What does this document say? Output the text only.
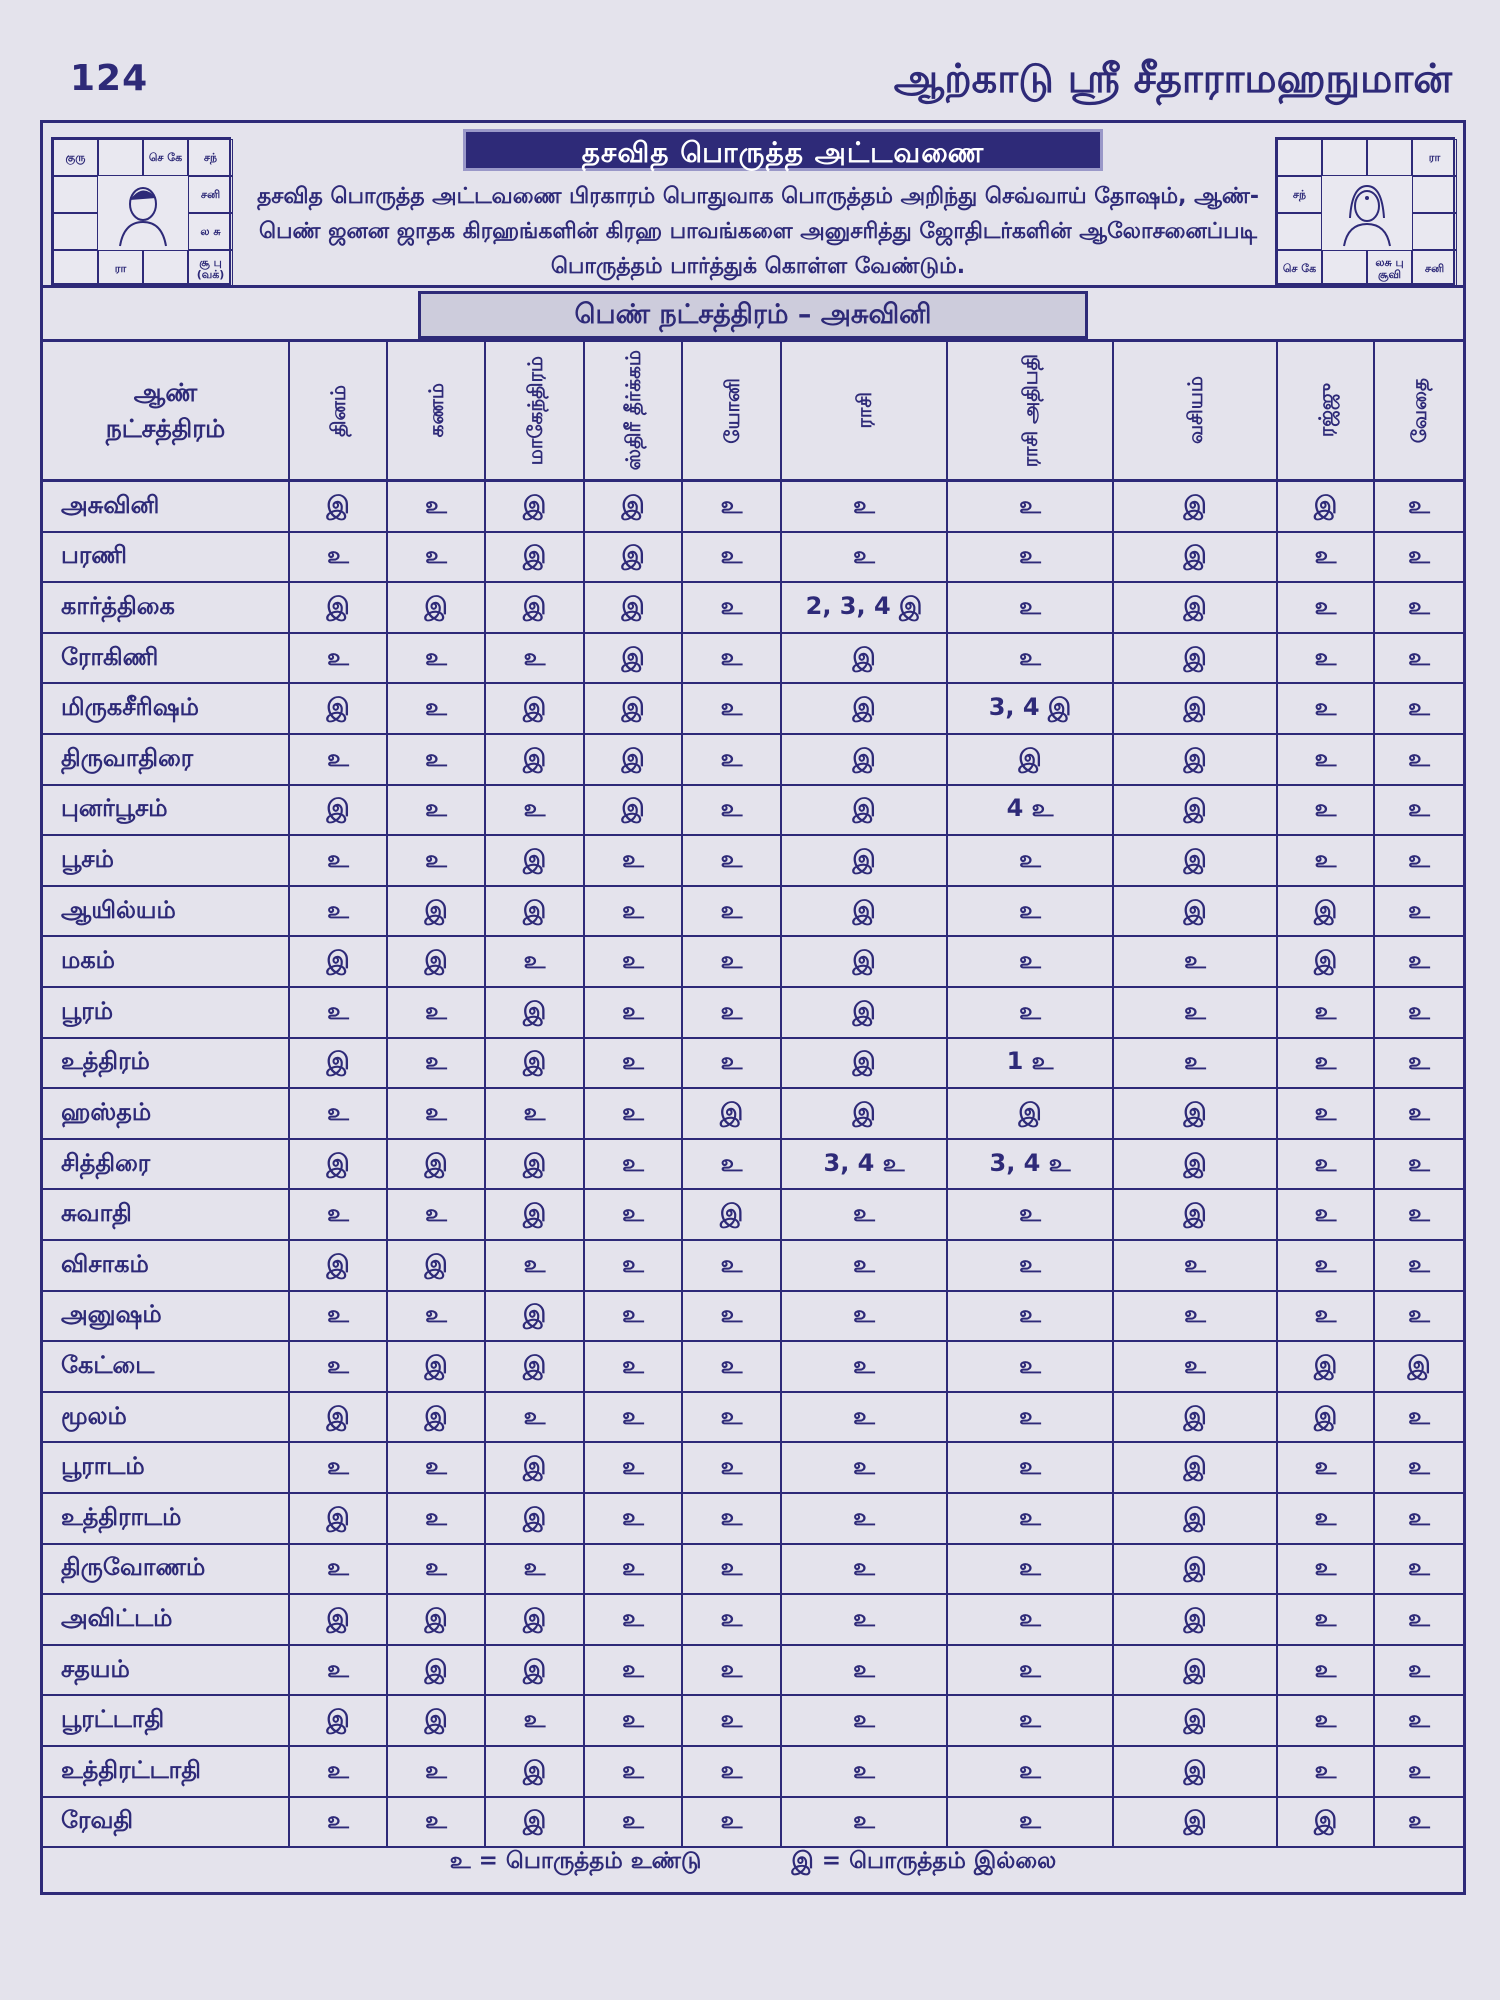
124	ஆற்காடு ஸ்ரீ சீதாராமஹநுமான்
குரு	செ கே	சந்
சனி
ல சு
ரா	சூ பு (வக்)
ரா
சந்
செ கே	லசு பு சூவி	சனி
தசவித பொருத்த அட்டவணை
தசவித பொருத்த அட்டவணை பிரகாரம் பொதுவாக பொருத்தம் அறிந்து செவ்வாய் தோஷம், ஆண்-பெண் ஜனன ஜாதக கிரஹங்களின் கிரஹ பாவங்களை அனுசரித்து ஜோதிடர்களின் ஆலோசனைப்படி பொருத்தம் பார்த்துக் கொள்ள வேண்டும்.
பெண் நட்சத்திரம் – அசுவினி
ஆண் நட்சத்திரம்	தினம்	கணம்	மாகேந்திரம்	ஸ்திரீ தீர்க்கம்	யோனி	ராசி	ராசி அதிபதி	வசியம்	ரஜ்ஜு	வேதை
அசுவினி	இ	உ	இ	இ	உ	உ	உ	இ	இ	உ
பரணி	உ	உ	இ	இ	உ	உ	உ	இ	உ	உ
கார்த்திகை	இ	இ	இ	இ	உ	2, 3, 4 இ	உ	இ	உ	உ
ரோகிணி	உ	உ	உ	இ	உ	இ	உ	இ	உ	உ
மிருகசீரிஷம்	இ	உ	இ	இ	உ	இ	3, 4 இ	இ	உ	உ
திருவாதிரை	உ	உ	இ	இ	உ	இ	இ	இ	உ	உ
புனர்பூசம்	இ	உ	உ	இ	உ	இ	4 உ	இ	உ	உ
பூசம்	உ	உ	இ	உ	உ	இ	உ	இ	உ	உ
ஆயில்யம்	உ	இ	இ	உ	உ	இ	உ	இ	இ	உ
மகம்	இ	இ	உ	உ	உ	இ	உ	உ	இ	உ
பூரம்	உ	உ	இ	உ	உ	இ	உ	உ	உ	உ
உத்திரம்	இ	உ	இ	உ	உ	இ	1 உ	உ	உ	உ
ஹஸ்தம்	உ	உ	உ	உ	இ	இ	இ	இ	உ	உ
சித்திரை	இ	இ	இ	உ	உ	3, 4 உ	3, 4 உ	இ	உ	உ
சுவாதி	உ	உ	இ	உ	இ	உ	உ	இ	உ	உ
விசாகம்	இ	இ	உ	உ	உ	உ	உ	உ	உ	உ
அனுஷம்	உ	உ	இ	உ	உ	உ	உ	உ	உ	உ
கேட்டை	உ	இ	இ	உ	உ	உ	உ	உ	இ	இ
மூலம்	இ	இ	உ	உ	உ	உ	உ	இ	இ	உ
பூராடம்	உ	உ	இ	உ	உ	உ	உ	இ	உ	உ
உத்திராடம்	இ	உ	இ	உ	உ	உ	உ	இ	உ	உ
திருவோணம்	உ	உ	உ	உ	உ	உ	உ	இ	உ	உ
அவிட்டம்	இ	இ	இ	உ	உ	உ	உ	இ	உ	உ
சதயம்	உ	இ	இ	உ	உ	உ	உ	இ	உ	உ
பூரட்டாதி	இ	இ	உ	உ	உ	உ	உ	இ	உ	உ
உத்திரட்டாதி	உ	உ	இ	உ	உ	உ	உ	இ	உ	உ
ரேவதி	உ	உ	இ	உ	உ	உ	உ	இ	இ	உ
உ = பொருத்தம் உண்டு	இ = பொருத்தம் இல்லை
